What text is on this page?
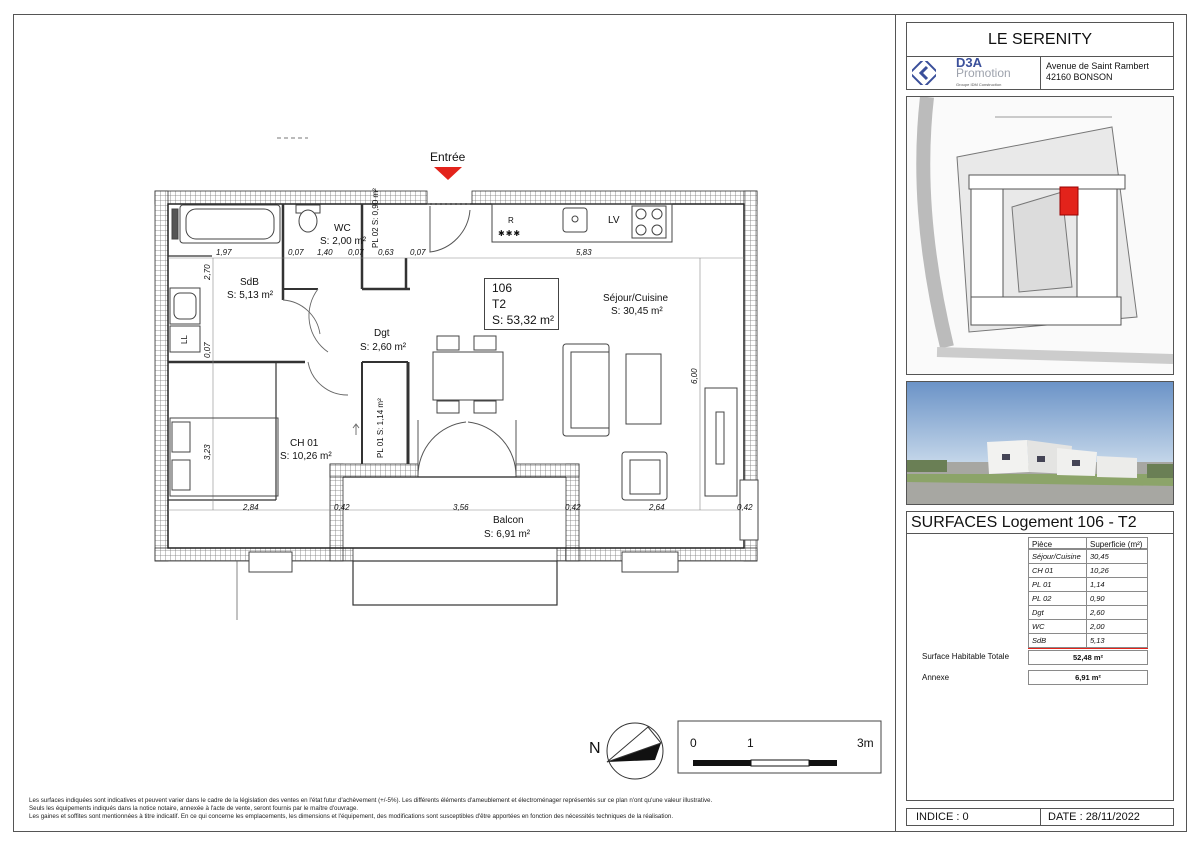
Entrée
106
T2
S: 53,32 m²
WC
S: 2,00 m² PL 02 S: 0,90 m²
SdB
S: 5,13 m²
Dgt
S: 2,60 m²
Séjour/Cuisine
S: 30,45 m²
CH 01
S: 10,26 m²	PL 01 S: 1,14 m²
Balcon
S: 6,91 m²
LV
LL
R
✱✱✱
1,97	0,07 1,40 0,07 0,63 0,07	5,83
2,70
0,07
3,23
6,00
2,84	0,42	3,56	0,42	2,64	0,42
N	0	1	3m
Les surfaces indiquées sont indicatives et peuvent varier dans le cadre de la législation des ventes en l'état futur d'achèvement (+/-5%). Les différents éléments d'ameublement et électroménager représentés sur ce plan n'ont qu'une valeur illustrative.
Seuls les équipements indiqués dans la notice notaire, annexée à l'acte de vente, seront fournis par le maître d'ouvrage.
Les gaines et soffites sont mentionnées à titre indicatif. En ce qui concerne les emplacements, les dimensions et l'équipement, des modifications sont susceptibles d'être apportées en fonction des nécessités techniques de la réalisation.
LE SERENITY
D3A
Promotion
Groupe IDM Construction
Avenue de Saint Rambert
42160 BONSON
SURFACES Logement 106 - T2
Pièce	Superficie (m²)
Séjour/Cuisine	30,45
CH 01	10,26
PL 01	1,14
PL 02	0,90
Dgt	2,60
WC	2,00
SdB	5,13
Surface Habitable Totale	52,48 m²
Annexe	6,91 m²
INDICE : 0	DATE : 28/11/2022
